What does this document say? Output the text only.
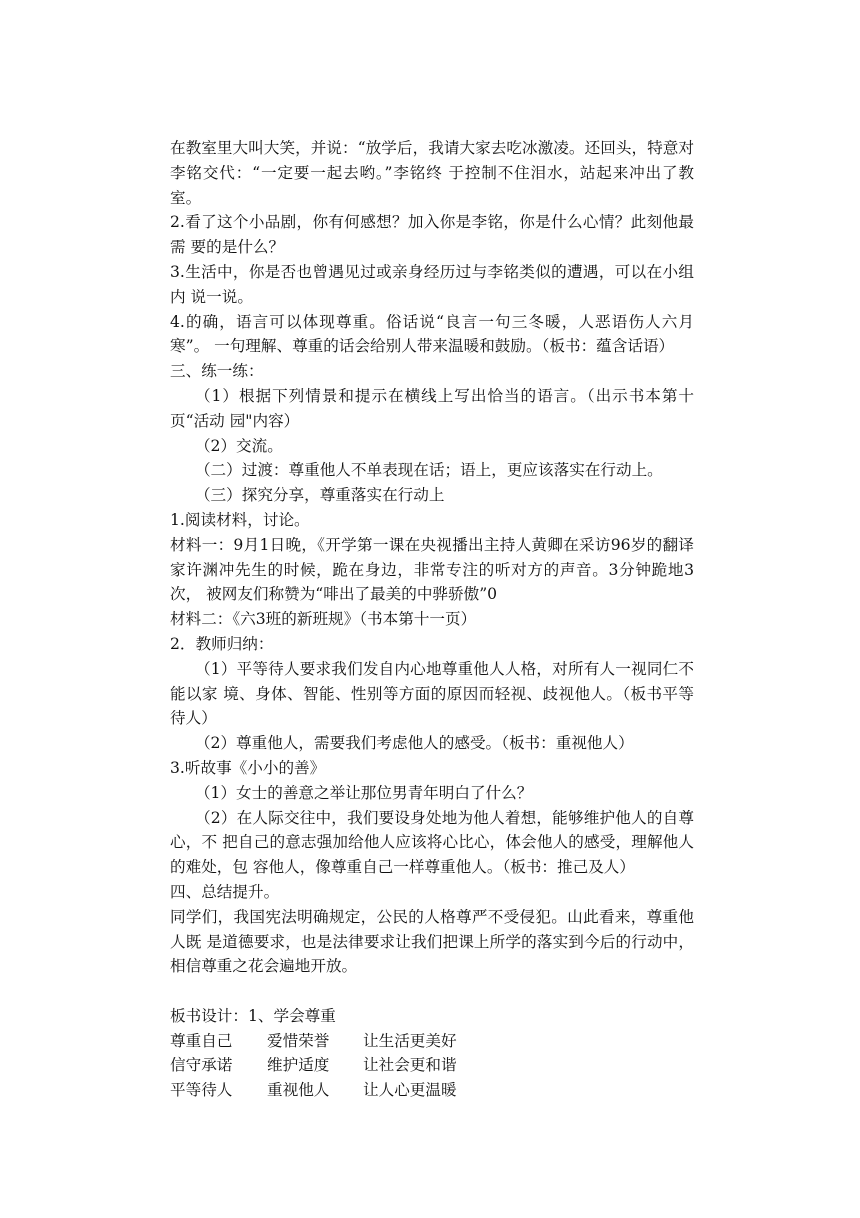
在教室里大叫大笑，并说：“放学后，我请大家去吃冰激凌。还回头，特意对李铭交代：“一定要一起去哟。”李铭终 于控制不住泪水，站起来冲出了教室。

2.看了这个小品剧，你有何感想？加入你是李铭，你是什么心情？此刻他最需 要的是什么？

3.生活中，你是否也曾遇见过或亲身经历过与李铭类似的遭遇，可以在小组内 说一说。

4.的确，语言可以体现尊重。俗话说“良言一句三冬暖，人恶语伤人六月寒”。 一句理解、尊重的话会给别人带来温暖和鼓励。（板书：蕴含话语）

三、练一练：

（1）根据下列情景和提示在横线上写出恰当的语言。（出示书本第十页“活动 园"内容）

（2）交流。

（二）过渡：尊重他人不单表现在话；语上，更应该落实在行动上。

（三）探究分享，尊重落实在行动上

1.阅读材料，讨论。

材料一：9月1日晚，《开学第一课在央视播出主持人黄卿在采访96岁的翻译 家许渊冲先生的时候，跪在身边，非常专注的听对方的声音。3分钟跪地3次， 被网友们称赞为“啡出了最美的中骅骄傲”0

材料二：《六3班的新班规》（书本第十一页）

2．教师归纳：

（1）平等待人要求我们发自内心地尊重他人人格，对所有人一视同仁不能以家 境、身体、智能、性别等方面的原因而轻视、歧视他人。（板书平等待人）

（2）尊重他人，需要我们考虑他人的感受。（板书：重视他人）

3.听故事《小小的善》

（1）女士的善意之举让那位男青年明白了什么？

（2）在人际交往中，我们要设身处地为他人着想，能够维护他人的自尊心，不 把自己的意志强加给他人应该将心比心，体会他人的感受，理解他人的难处，包 容他人，像尊重自己一样尊重他人。（板书：推己及人）

四、总结提升。

同学们，我国宪法明确规定，公民的人格尊严不受侵犯。山此看来，尊重他人既 是道德要求，也是法律要求让我们把课上所学的落实到今后的行动中，相信尊重之花会遍地开放。

板书设计：1、学会尊重

尊重自己	爱惜荣誉	让生活更美好
信守承诺	维护适度	让社会更和谐
平等待人	重视他人	让人心更温暖
